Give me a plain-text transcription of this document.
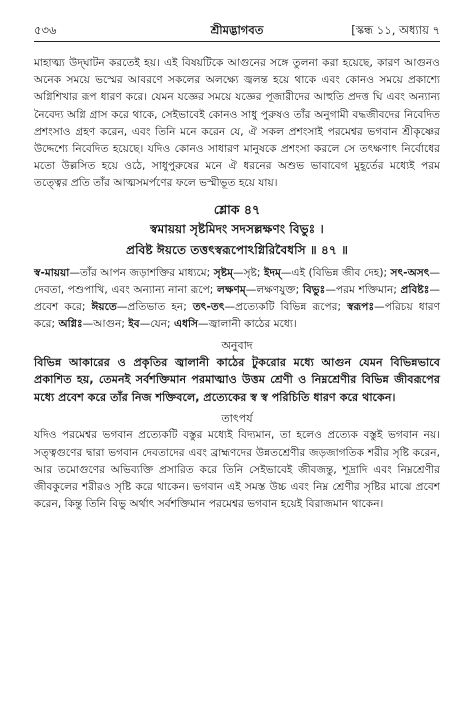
৫৩৬	শ্রীমদ্ভাগবত	[স্কন্ধ ১১, অধ্যায় ৭

মাহাত্ম্য উদ্‌ঘাটন করতেই হয়। এই বিষয়টিকে আগুনের সঙ্গে তুলনা করা হয়েছে, কারণ আগুনও অনেক সময়ে ভস্মের আবরণে সকলের অলক্ষ্যে জ্বলন্ত হয়ে থাকে এবং কোনও সময়ে প্রকাশ্যে অগ্নিশিখার রূপ ধারণ করে। যেমন যজ্ঞের সময়ে যজ্ঞের পূজারীদের আহুতি প্রদত্ত ঘি এবং অন্যান্য নৈবেদ্য অগ্নি গ্রাস করে থাকে, সেইভাবেই কোনও সাধু পুরুষও তাঁর অনুগামী বদ্ধজীবদের নিবেদিত প্রশংসাও গ্রহণ করেন, এবং তিনি মনে করেন যে, ঐ সকল প্রশংসাই পরমেশ্বর ভগবান শ্রীকৃষ্ণের উদ্দেশ্যে নিবেদিত হয়েছে। যদিও কোনও সাধারণ মানুষকে প্রশংসা করলে সে তৎক্ষণাৎ নির্বোধের মতো উল্লসিত হয়ে ওঠে, সাধুপুরুষের মনে ঐ ধরনের অশুভ ভাবাবেগ মুহূর্তের মধ্যেই পরম তত্ত্বের প্রতি তাঁর আত্মসমর্পণের ফলে ভস্মীভূত হয়ে যায়।

শ্লোক ৪৭
স্বমায়য়া সৃষ্টমিদং সদসল্লক্ষণং বিভুঃ ।
প্রবিষ্ট ঈয়তে তত্তৎস্বরূপোঽগ্নিরিবৈধসি ॥ ৪৭ ॥
স্ব-মায়য়া—তাঁর আপন জড়াশক্তির মাধ্যমে; সৃষ্টম্—সৃষ্ট; ইদম্—এই (বিভিন্ন জীব দেহ); সৎ-অসৎ—দেবতা, পশুপাখি, এবং অন্যান্য নানা রূপে; লক্ষণম্—লক্ষণযুক্ত; বিভুঃ—পরম শক্তিমান; প্রবিষ্টঃ—প্রবেশ করে; ঈয়তে—প্রতিভাত হন; তৎ-তৎ—প্রত্যেকটি বিভিন্ন রূপের; স্বরূপঃ—পরিচয় ধারণ করে; অগ্নিঃ—আগুন; ইব—যেন; এধসি—জ্বালানী কাঠের মধ্যে।
অনুবাদ

বিভিন্ন আকারের ও প্রকৃতির জ্বালানী কাঠের টুকরোর মধ্যে আগুন যেমন বিভিন্নভাবে প্রকাশিত হয়, তেমনই সর্বশক্তিমান পরমাত্মাও উত্তম শ্রেণী ও নিম্নশ্রেণীর বিভিন্ন জীবরূপের মধ্যে প্রবেশ করে তাঁর নিজ শক্তিবলে, প্রত্যেকের স্ব স্ব পরিচিতি ধারণ করে থাকেন।

তাৎপর্য

যদিও পরমেশ্বর ভগবান প্রত্যেকটি বস্তুর মধ্যেই বিদ্যমান, তা হলেও প্রত্যেক বস্তুই ভগবান নয়। সত্ত্বগুণের দ্বারা ভগবান দেবতাদের এবং ব্রাহ্মণদের উন্নতশ্রেণীর জড়জাগতিক শরীর সৃষ্টি করেন, আর তমোগুণের অভিব্যক্তি প্রসারিত করে তিনি সেইভাবেই জীবজন্তু, শূদ্রাদি এবং নিম্নশ্রেণীর জীবকুলের শরীরও সৃষ্টি করে থাকেন। ভগবান এই সমস্ত উচ্চ এবং নিম্ন শ্রেণীর সৃষ্টির মাঝে প্রবেশ করেন, কিন্তু তিনি বিভু অর্থাৎ সর্বশক্তিমান পরমেশ্বর ভগবান হয়েই বিরাজমান থাকেন।
